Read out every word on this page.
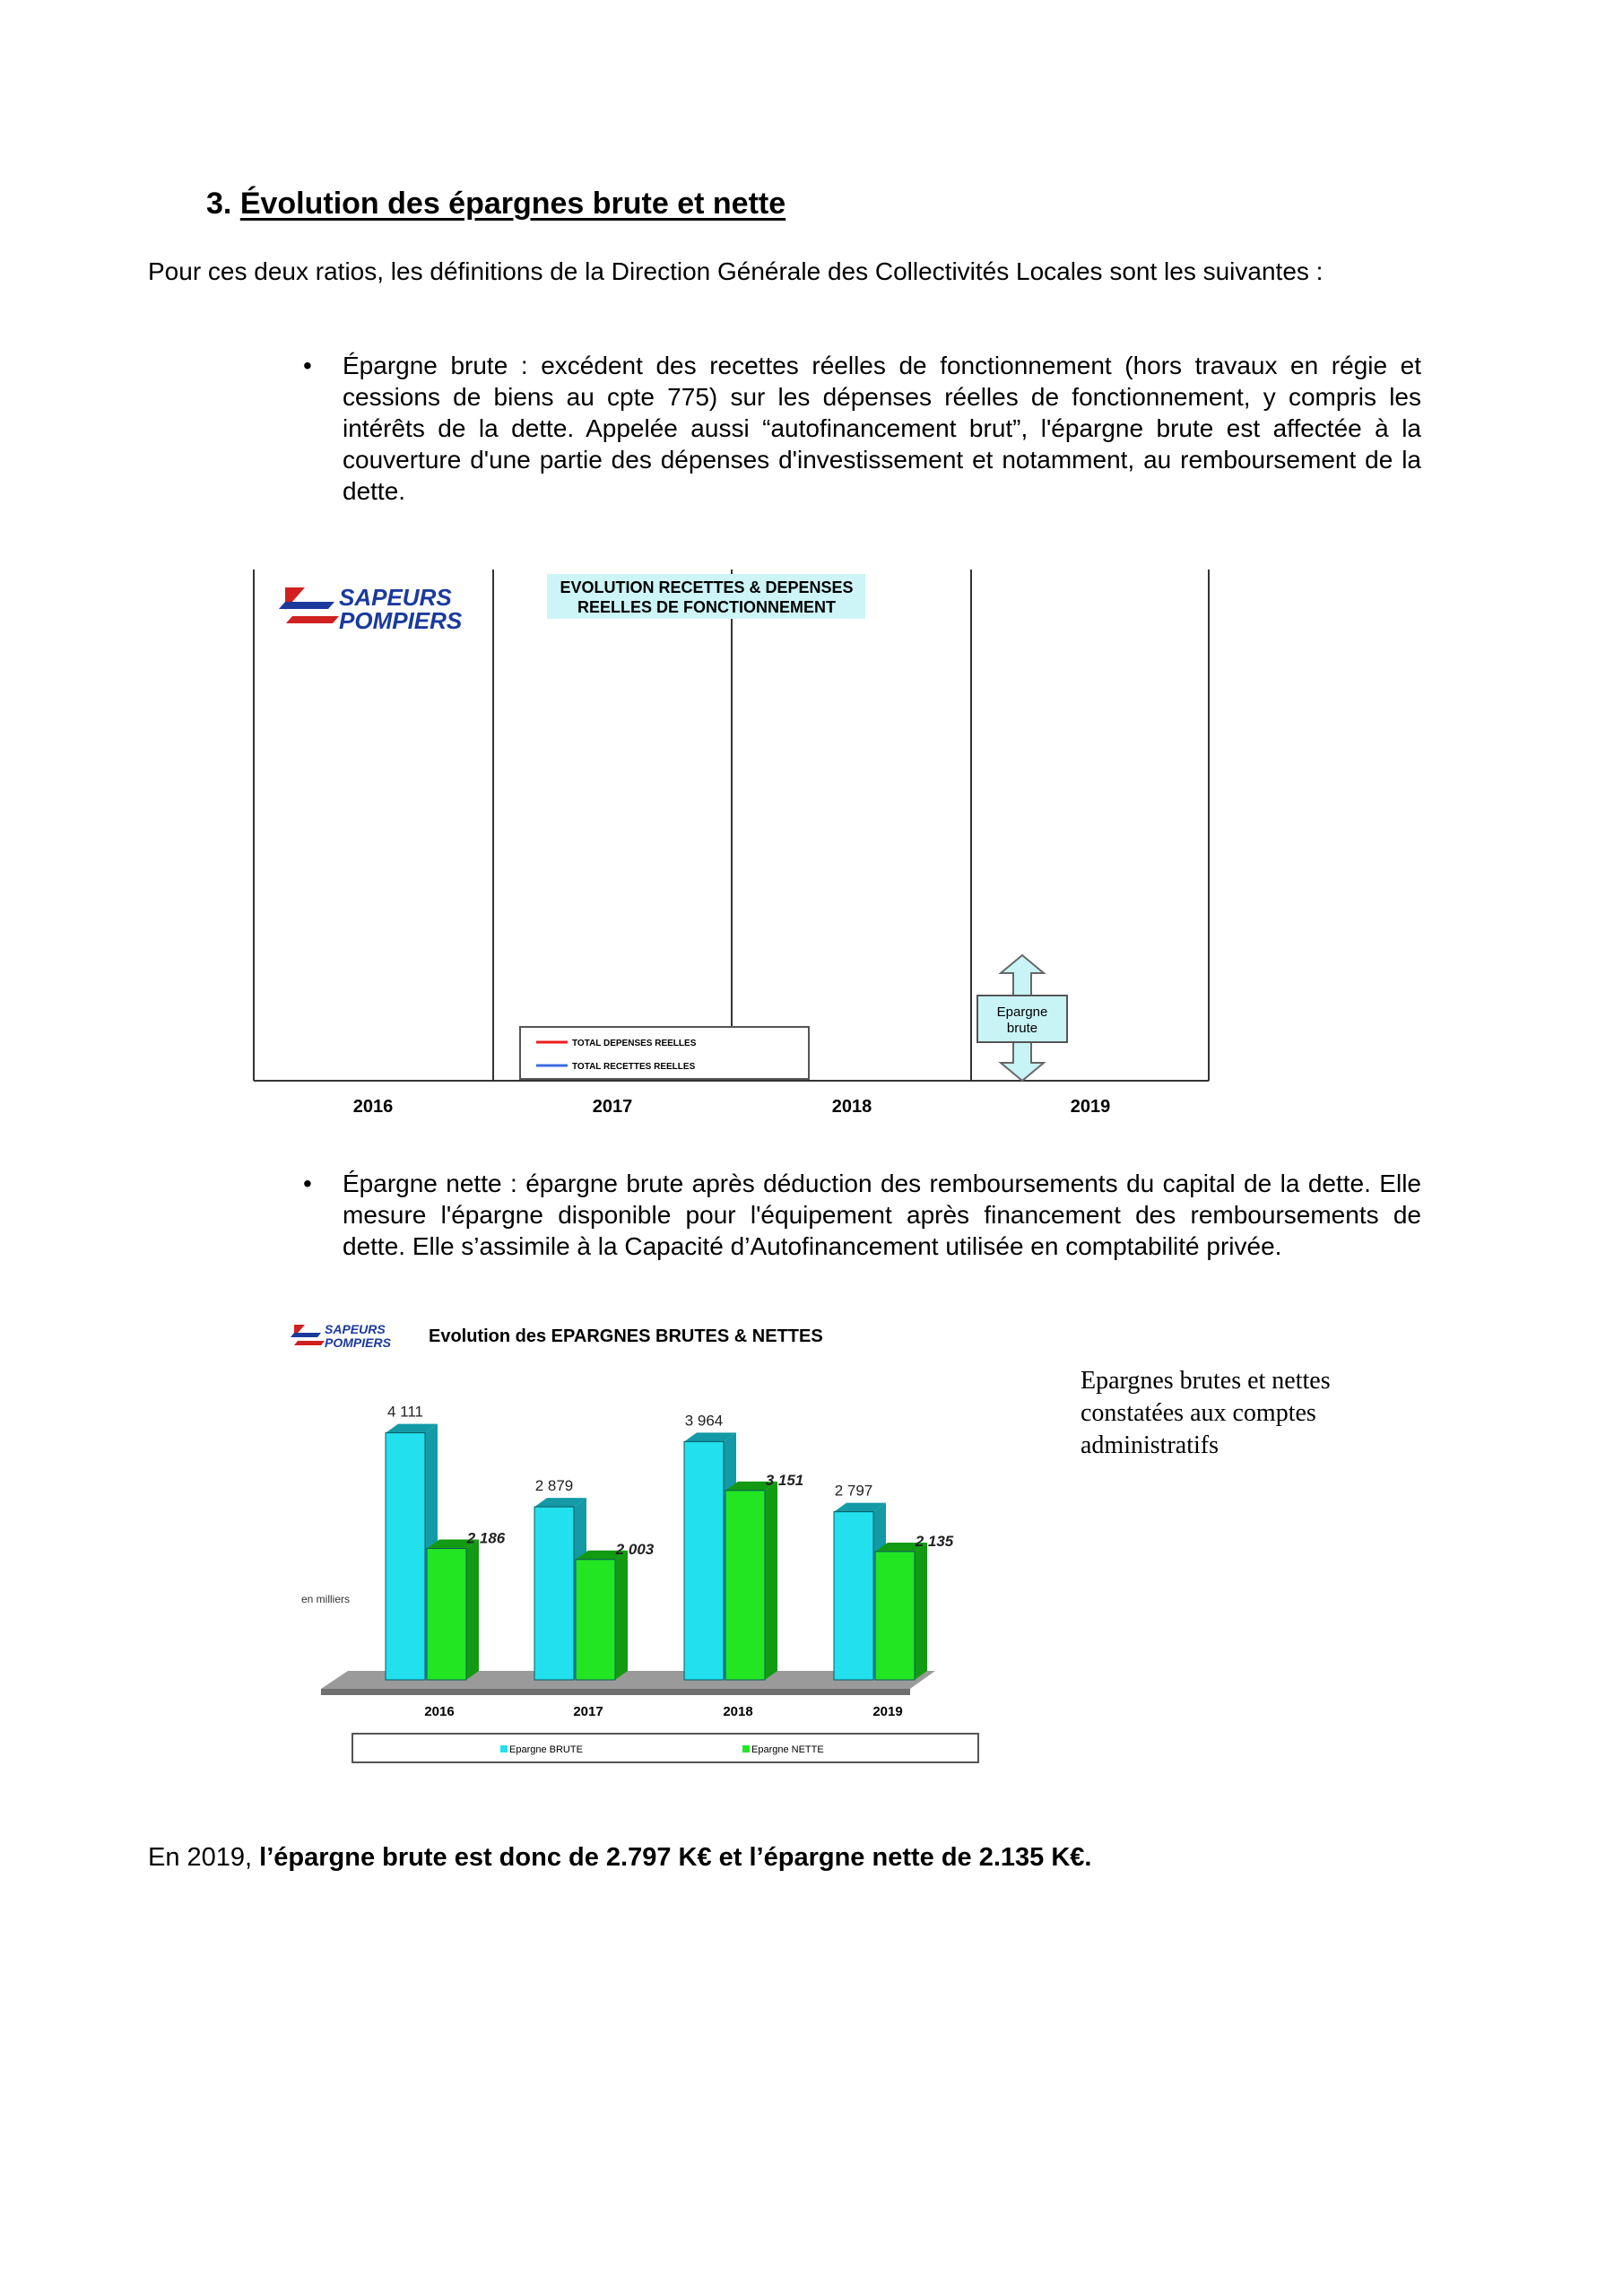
3. Évolution des épargnes brute et nette

Pour ces deux ratios, les définitions de la Direction Générale des Collectivités Locales sont les suivantes :

• Épargne brute : excédent des recettes réelles de fonctionnement (hors travaux en régie et cessions de biens au cpte 775) sur les dépenses réelles de fonctionnement, y compris les intérêts de la dette. Appelée aussi “autofinancement brut”, l'épargne brute est affectée à la couverture d'une partie des dépenses d'investissement et notamment, au remboursement de la dette.
SAPEURS
POMPIERS
EVOLUTION RECETTES & DEPENSES
REELLES DE FONCTIONNEMENT
2016	2017	2018	2019
Epargne
brute
TOTAL DEPENSES REELLES
TOTAL RECETTES REELLES
• Épargne nette : épargne brute après déduction des remboursements du capital de la dette. Elle mesure l'épargne disponible pour l'équipement après financement des remboursements de dette. Elle s’assimile à la Capacité d’Autofinancement utilisée en comptabilité privée.
SAPEURS
POMPIERS Evolution des EPARGNES BRUTES & NETTES
en milliers
2016
4 111
2 186
2017
2 879
2 003
2018
3 964
3 151
2019
2 797
2 135
Epargne BRUTE	Epargne NETTE
Epargnes brutes et nettes constatées aux comptes administratifs
En 2019, l’épargne brute est donc de 2.797 K€ et l’épargne nette de 2.135 K€.
